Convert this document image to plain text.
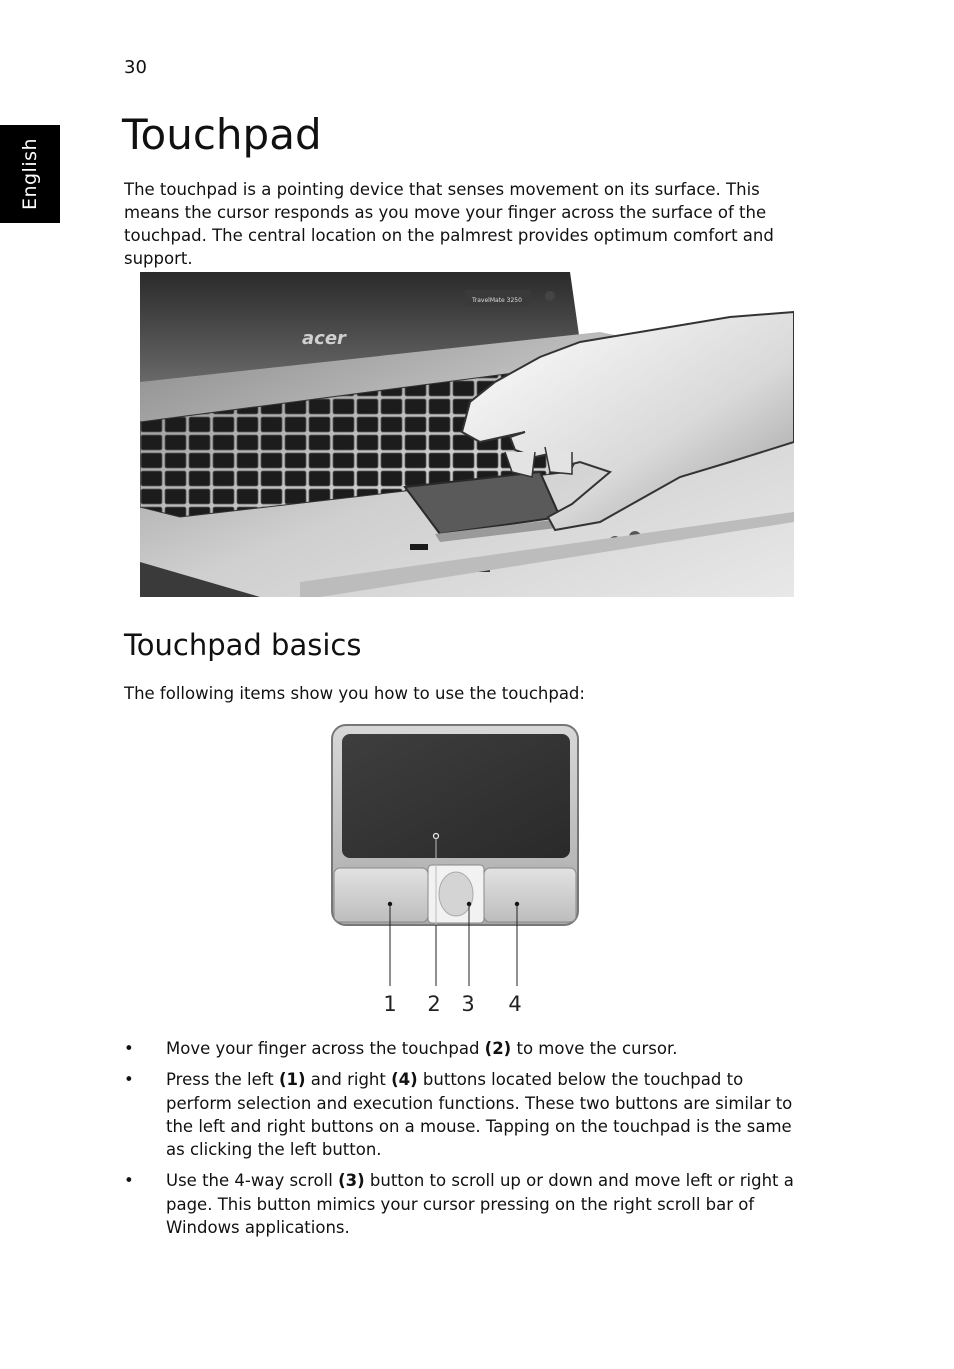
30
English
Touchpad

The touchpad is a pointing device that senses movement on its surface. This means the cursor responds as you move your finger across the surface of the touchpad. The central location on the palmrest provides optimum comfort and support.

TravelMate 3250
acer
Touchpad basics

The following items show you how to use the touchpad:

1 2 3 4
• Move your finger across the touchpad (2) to move the cursor.
• Press the left (1) and right (4) buttons located below the touchpad to perform selection and execution functions. These two buttons are similar to the left and right buttons on a mouse. Tapping on the touchpad is the same as clicking the left button.
• Use the 4-way scroll (3) button to scroll up or down and move left or right a page. This button mimics your cursor pressing on the right scroll bar of Windows applications.
